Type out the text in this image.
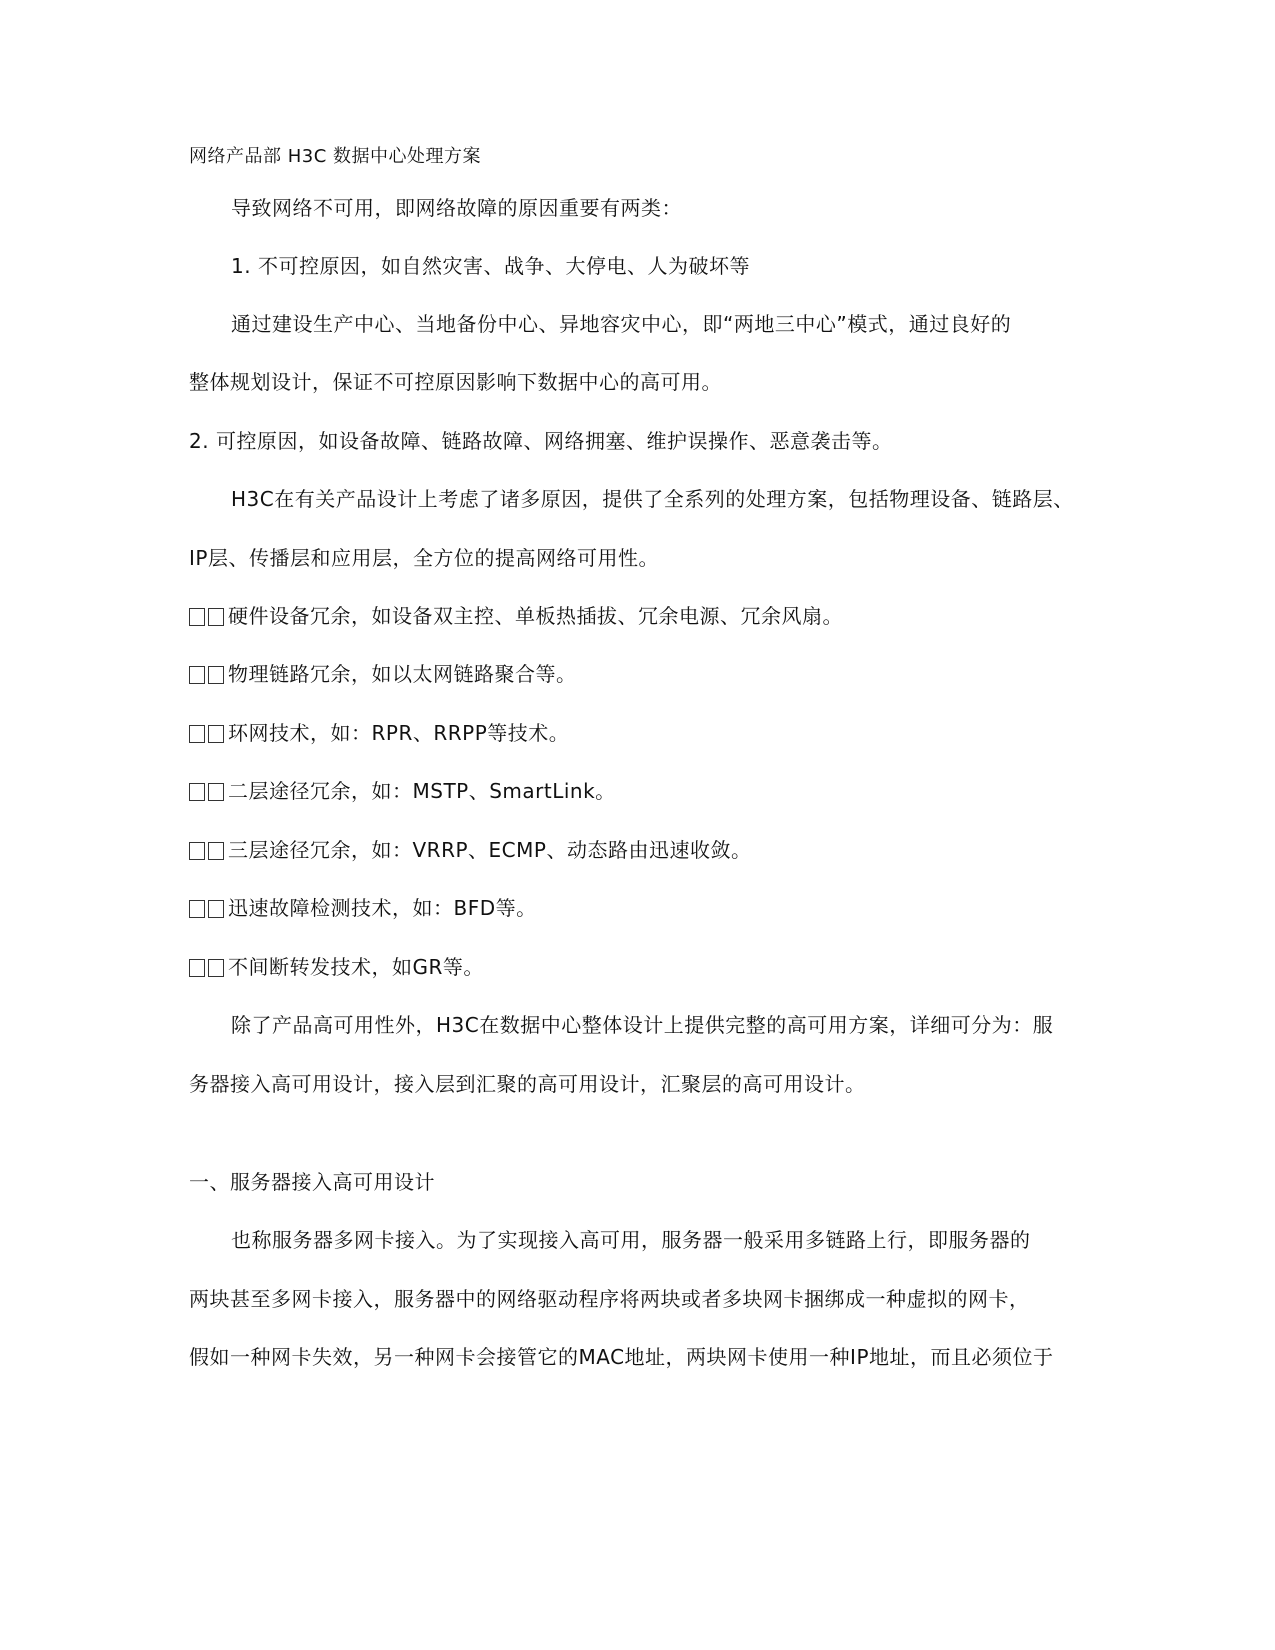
网络产品部 H3C 数据中心处理方案
导致网络不可用，即网络故障的原因重要有两类：
1. 不可控原因，如自然灾害、战争、大停电、人为破坏等
通过建设生产中心、当地备份中心、异地容灾中心，即“两地三中心”模式，通过良好的
整体规划设计，保证不可控原因影响下数据中心的高可用。
2. 可控原因，如设备故障、链路故障、网络拥塞、维护误操作、恶意袭击等。
H3C在有关产品设计上考虑了诸多原因，提供了全系列的处理方案，包括物理设备、链路层、
IP层、传播层和应用层，全方位的提高网络可用性。
硬件设备冗余，如设备双主控、单板热插拔、冗余电源、冗余风扇。
物理链路冗余，如以太网链路聚合等。
环网技术，如：RPR、RRPP等技术。
二层途径冗余，如：MSTP、SmartLink。
三层途径冗余，如：VRRP、ECMP、动态路由迅速收敛。
迅速故障检测技术，如：BFD等。
不间断转发技术，如GR等。
除了产品高可用性外，H3C在数据中心整体设计上提供完整的高可用方案，详细可分为：服
务器接入高可用设计，接入层到汇聚的高可用设计，汇聚层的高可用设计。
一、服务器接入高可用设计
也称服务器多网卡接入。为了实现接入高可用，服务器一般采用多链路上行，即服务器的
两块甚至多网卡接入，服务器中的网络驱动程序将两块或者多块网卡捆绑成一种虚拟的网卡，
假如一种网卡失效，另一种网卡会接管它的MAC地址，两块网卡使用一种IP地址，而且必须位于
